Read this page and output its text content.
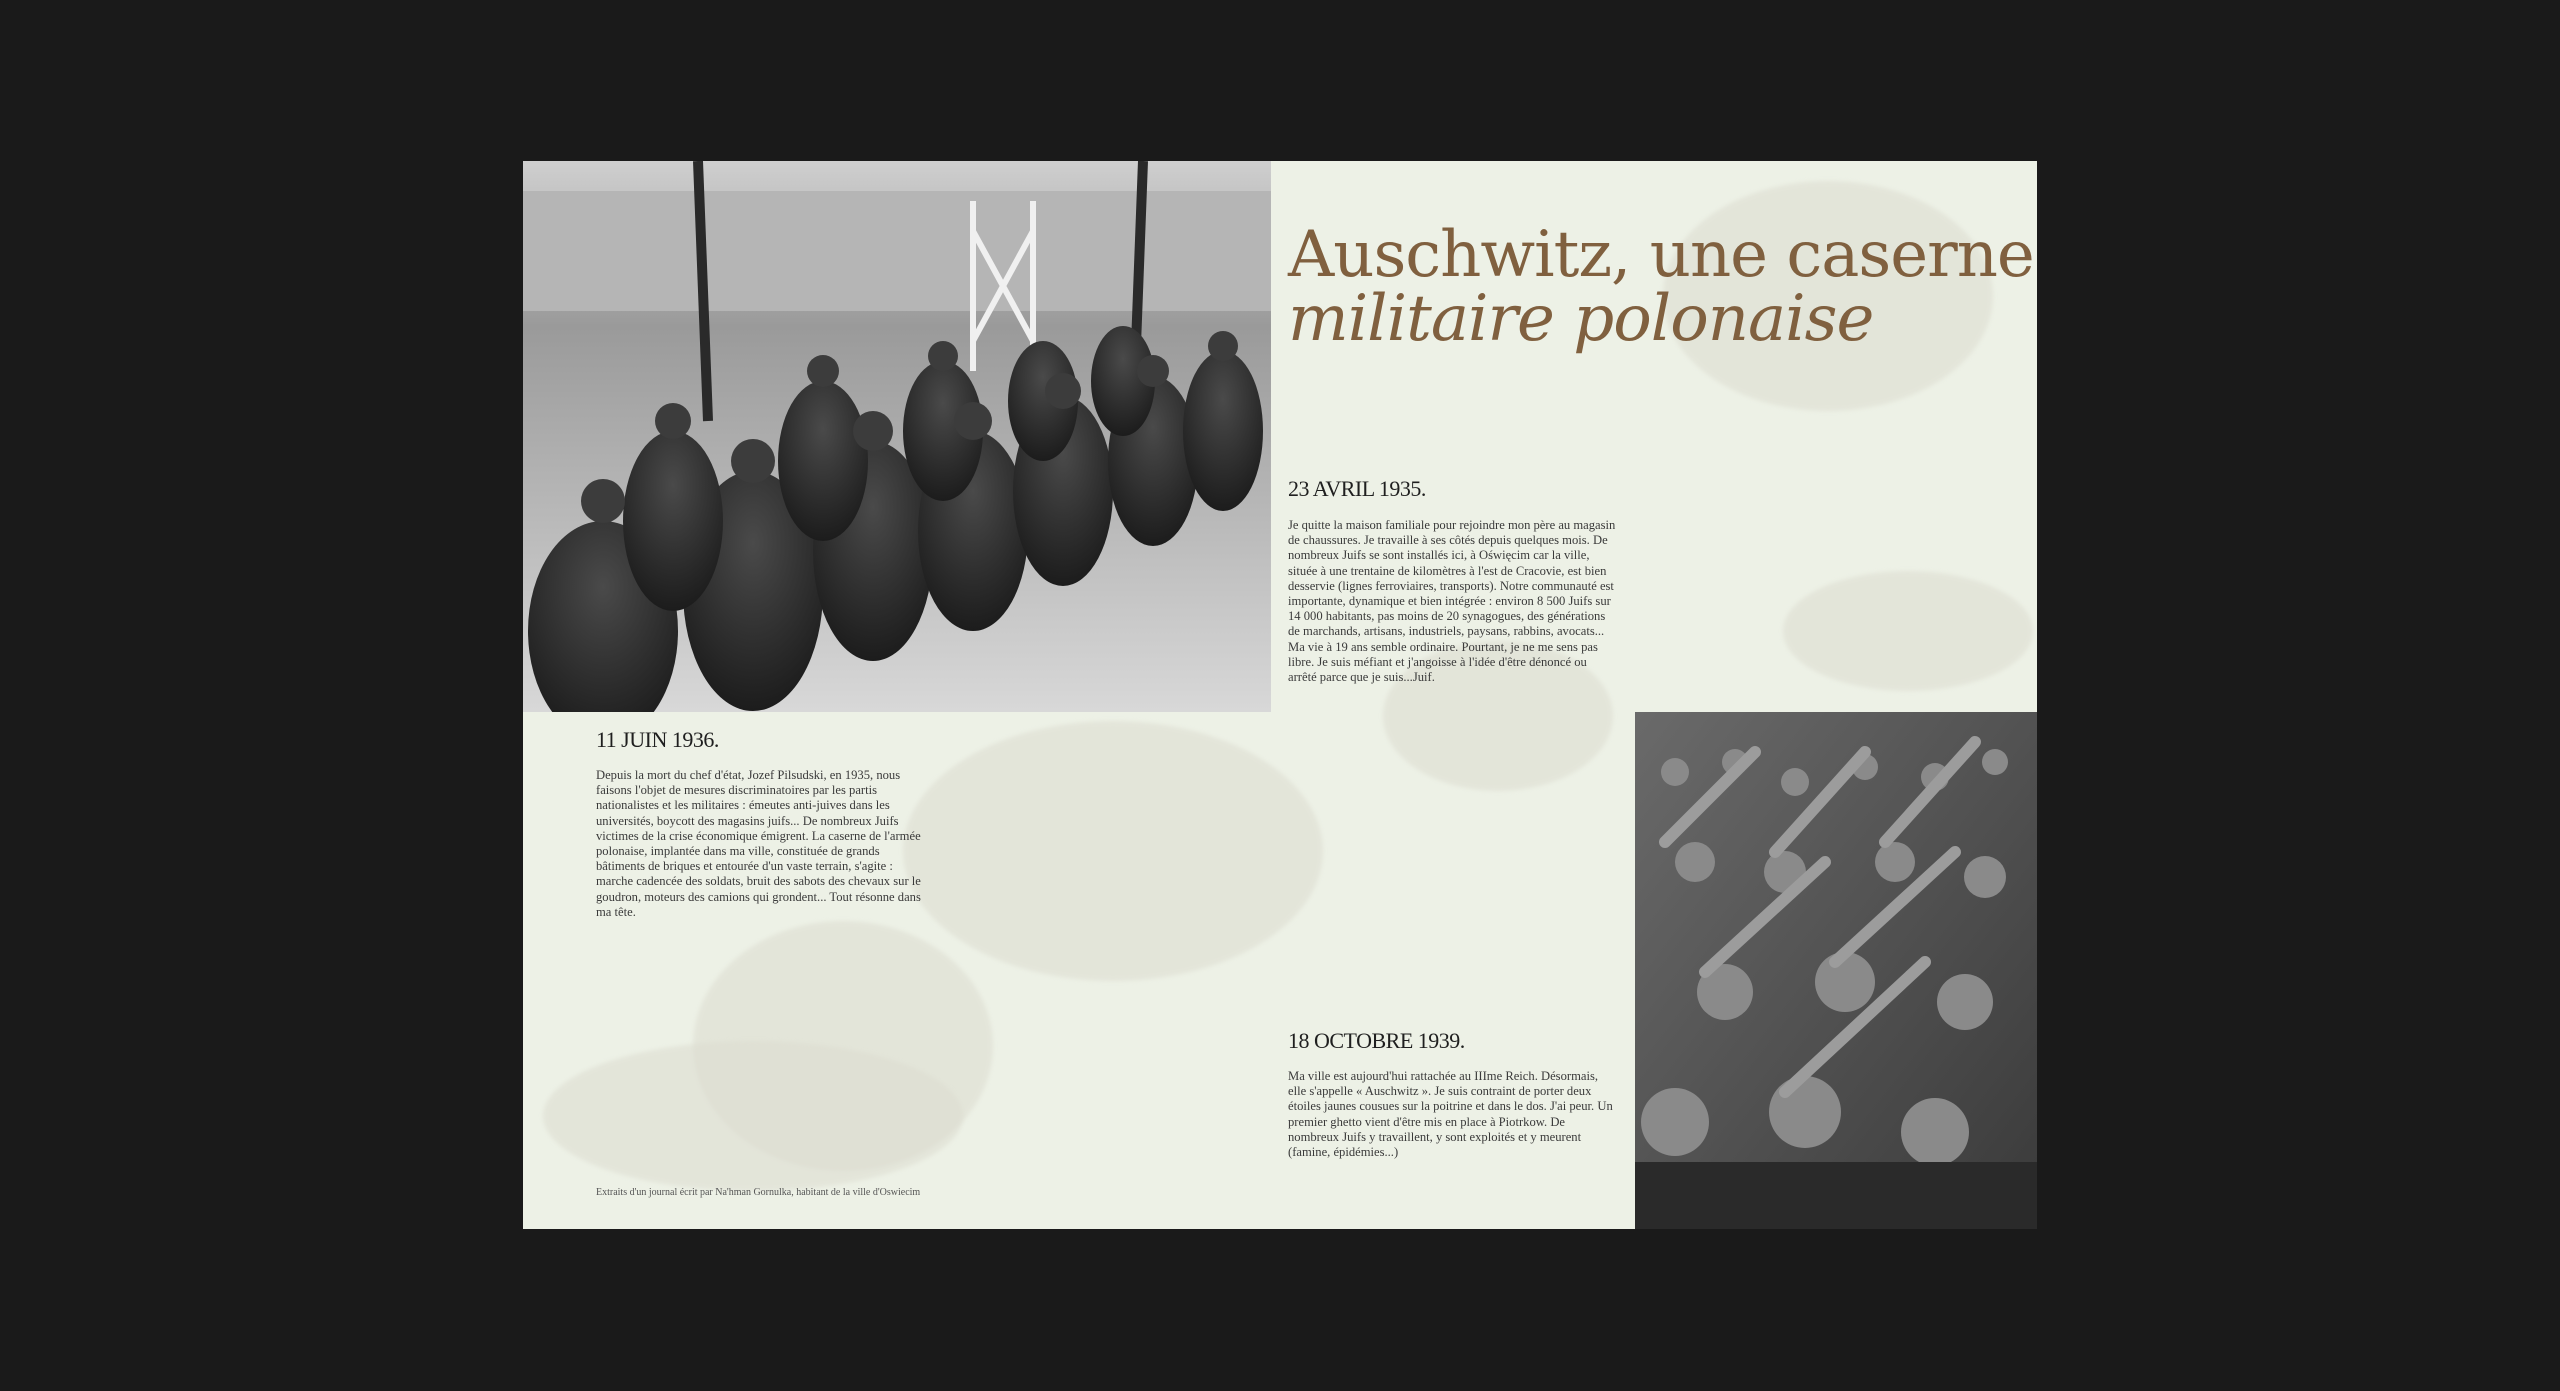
Auschwitz, une caserne
militaire polonaise
23 AVRIL 1935.

Je quitte la maison familiale pour rejoindre mon père au magasin de chaussures. Je travaille à ses côtés depuis quelques mois. De nombreux Juifs se sont installés ici, à Oświęcim car la ville, située à une trentaine de kilomètres à l'est de Cracovie, est bien desservie (lignes ferroviaires, transports). Notre communauté est importante, dynamique et bien intégrée : environ 8 500 Juifs sur 14 000 habitants, pas moins de 20 synagogues, des générations de marchands, artisans, industriels, paysans, rabbins, avocats... Ma vie à 19 ans semble ordinaire. Pourtant, je ne me sens pas libre. Je suis méfiant et j'angoisse à l'idée d'être dénoncé ou arrêté parce que je suis...Juif.

11 JUIN 1936.

Depuis la mort du chef d'état, Jozef Pilsudski, en 1935, nous faisons l'objet de mesures discriminatoires par les partis nationalistes et les militaires : émeutes anti-juives dans les universités, boycott des magasins juifs... De nombreux Juifs victimes de la crise économique émigrent. La caserne de l'armée polonaise, implantée dans ma ville, constituée de grands bâtiments de briques et entourée d'un vaste terrain, s'agite : marche cadencée des soldats, bruit des sabots des chevaux sur le goudron, moteurs des camions qui grondent... Tout résonne dans ma tête.

18 OCTOBRE 1939.

Ma ville est aujourd'hui rattachée au IIIme Reich. Désormais, elle s'appelle « Auschwitz ». Je suis contraint de porter deux étoiles jaunes cousues sur la poitrine et dans le dos. J'ai peur. Un premier ghetto vient d'être mis en place à Piotrkow. De nombreux Juifs y travaillent, y sont exploités et y meurent (famine, épidémies...)

Extraits d'un journal écrit par Na'hman Gornulka, habitant de la ville d'Oswiecim
